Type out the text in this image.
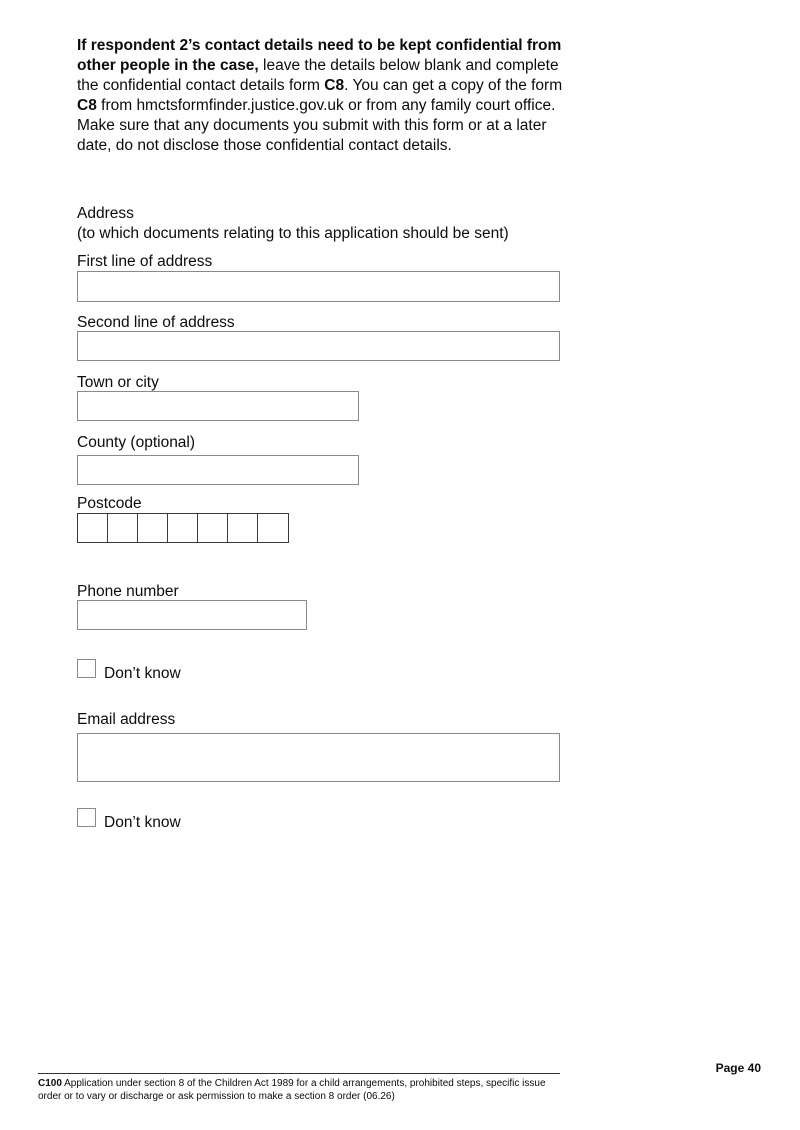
If respondent 2’s contact details need to be kept confidential from other people in the case, leave the details below blank and complete the confidential contact details form C8. You can get a copy of the form C8 from hmctsformfinder.justice.gov.uk or from any family court office. Make sure that any documents you submit with this form or at a later date, do not disclose those confidential contact details.

Address

(to which documents relating to this application should be sent)

First line of address

Second line of address

Town or city

County (optional)

Postcode

Phone number

Don’t know

Email address

Don’t know
Page 40

C100 Application under section 8 of the Children Act 1989 for a child arrangements, prohibited steps, specific issue order or to vary or discharge or ask permission to make a section 8 order (06.26)
